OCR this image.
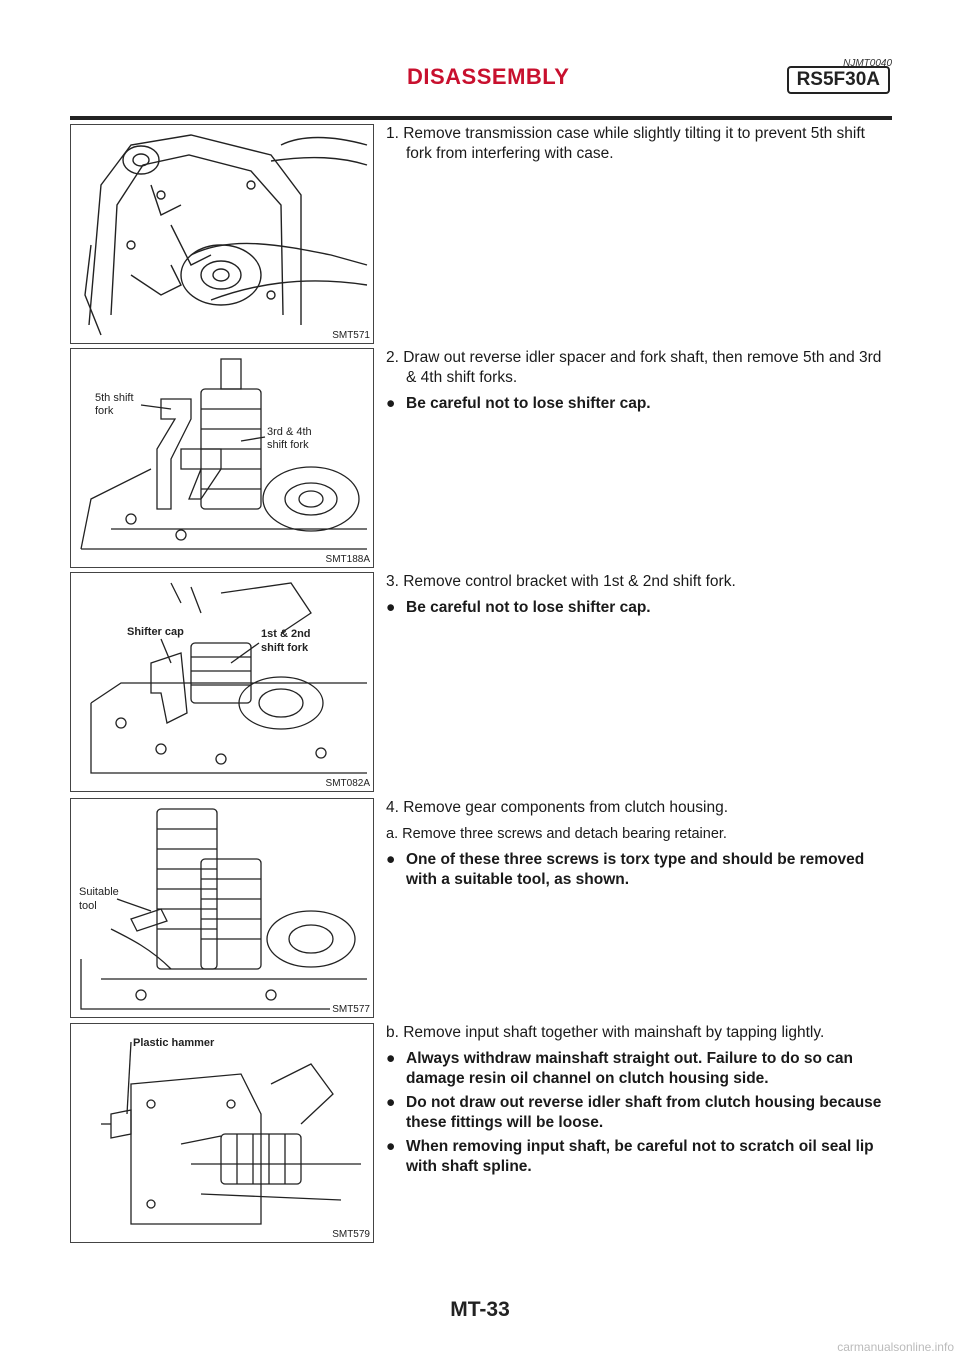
NJMT0040
DISASSEMBLY	RS5F30A
SMT571

1. Remove transmission case while slightly tilting it to prevent 5th shift fork from interfering with case.

5th shift
fork
3rd & 4th
shift fork
SMT188A

2. Draw out reverse idler spacer and fork shaft, then remove 5th and 3rd & 4th shift forks.

● Be careful not to lose shifter cap.

Shifter cap	1st & 2nd
shift fork
SMT082A

3. Remove control bracket with 1st & 2nd shift fork.

● Be careful not to lose shifter cap.

Suitable
tool
SMT577

4. Remove gear components from clutch housing.

a. Remove three screws and detach bearing retainer.

● One of these three screws is torx type and should be removed with a suitable tool, as shown.

Plastic hammer
SMT579

b. Remove input shaft together with mainshaft by tapping lightly.

● Always withdraw mainshaft straight out. Failure to do so can damage resin oil channel on clutch housing side.

● Do not draw out reverse idler shaft from clutch housing because these fittings will be loose.

● When removing input shaft, be careful not to scratch oil seal lip with shaft spline.

MT-33
carmanualsonline.info
